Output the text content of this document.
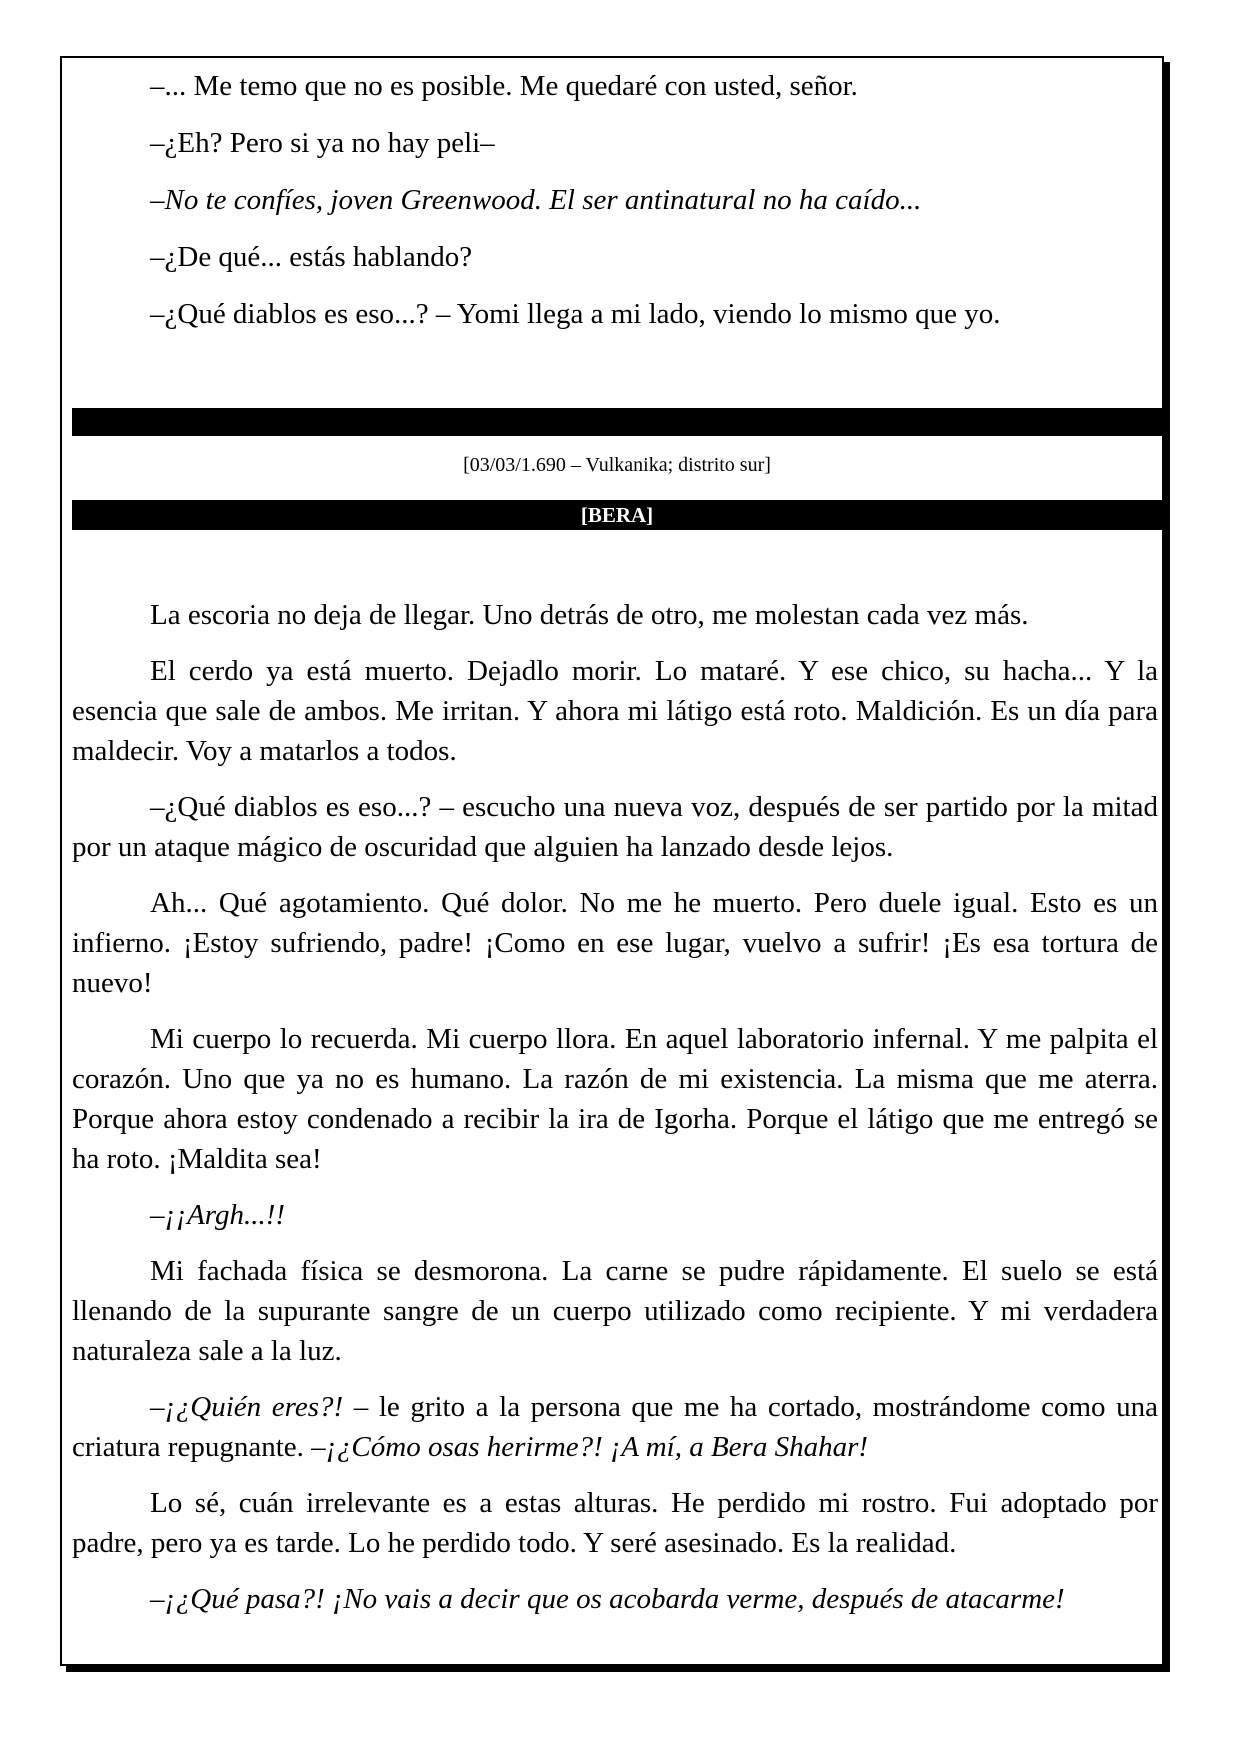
–... Me temo que no es posible. Me quedaré con usted, señor.

–¿Eh? Pero si ya no hay peli–

–No te confíes, joven Greenwood. El ser antinatural no ha caído...

–¿De qué... estás hablando?

–¿Qué diablos es eso...? – Yomi llega a mi lado, viendo lo mismo que yo.

[03/03/1.690 – Vulkanika; distrito sur]
[BERA]

La escoria no deja de llegar. Uno detrás de otro, me molestan cada vez más.

El cerdo ya está muerto. Dejadlo morir. Lo mataré. Y ese chico, su hacha... Y la esencia que sale de ambos. Me irritan. Y ahora mi látigo está roto. Maldición. Es un día para maldecir. Voy a matarlos a todos.

–¿Qué diablos es eso...? – escucho una nueva voz, después de ser partido por la mitad por un ataque mágico de oscuridad que alguien ha lanzado desde lejos.

Ah... Qué agotamiento. Qué dolor. No me he muerto. Pero duele igual. Esto es un infierno. ¡Estoy sufriendo, padre! ¡Como en ese lugar, vuelvo a sufrir! ¡Es esa tortura de nuevo!

Mi cuerpo lo recuerda. Mi cuerpo llora. En aquel laboratorio infernal. Y me palpita el corazón. Uno que ya no es humano. La razón de mi existencia. La misma que me aterra. Porque ahora estoy condenado a recibir la ira de Igorha. Porque el látigo que me entregó se ha roto. ¡Maldita sea!

–¡¡Argh...!!

Mi fachada física se desmorona. La carne se pudre rápidamente. El suelo se está llenando de la supurante sangre de un cuerpo utilizado como recipiente. Y mi verdadera naturaleza sale a la luz.

–¡¿Quién eres?! – le grito a la persona que me ha cortado, mostrándome como una criatura repugnante. –¡¿Cómo osas herirme?! ¡A mí, a Bera Shahar!

Lo sé, cuán irrelevante es a estas alturas. He perdido mi rostro. Fui adoptado por padre, pero ya es tarde. Lo he perdido todo. Y seré asesinado. Es la realidad.

–¡¿Qué pasa?! ¡No vais a decir que os acobarda verme, después de atacarme!
